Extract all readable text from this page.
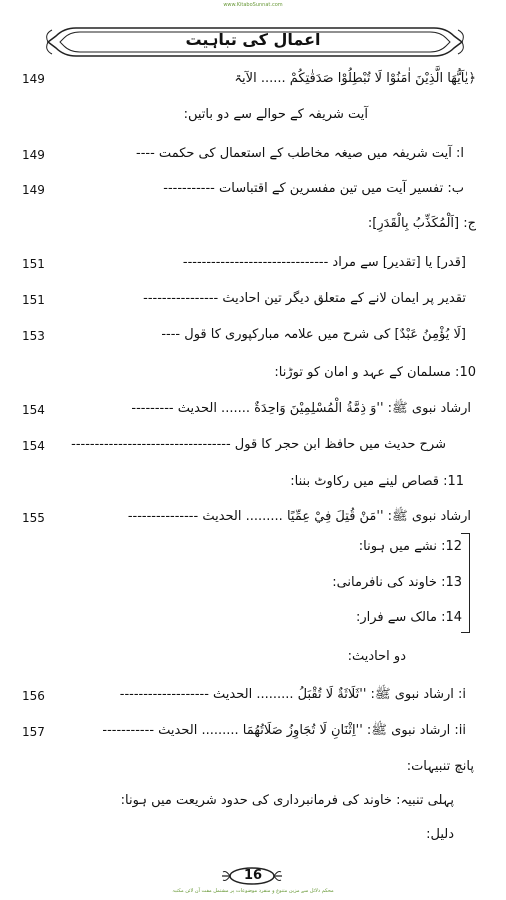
www.KitaboSunnat.com
اعمال کی تباہیت
﴿يٰاَيُّهَا الَّذِيْنَ اٰمَنُوْا لَا تُبْطِلُوْا صَدَقٰتِكُمْ ...... الآیۃ
149
آیت شریفہ کے حوالے سے دو باتیں:
ا: آیت شریفہ میں صیغہ مخاطب کے استعمال کی حکمت ----
149
ب: تفسیر آیت میں تین مفسرین کے اقتباسات -----------
149
ج: [اَلْمُكَذِّبُ بِالْقَدَرِ]:
[قدر] یا [تقدیر] سے مراد -------------------------------
151
تقدیر پر ایمان لانے کے متعلق دیگر تین احادیث ----------------
151
[لَا يُؤْمِنُ عَبْدٌ] کی شرح میں علامہ مبارکپوری کا قول ----
153
10: مسلمان کے عہد و امان کو توڑنا:
ارشاد نبوی ﷺ: ''وَ ذِمَّةُ الْمُسْلِمِيْنَ وَاحِدَةٌ ....... الحدیث ---------
154
شرح حدیث میں حافظ ابن حجر کا قول ----------------------------------
154
11: قصاص لینے میں رکاوٹ بننا:
ارشاد نبوی ﷺ: ''مَنْ قُتِلَ فِيْ عِمِّيًا ......... الحدیث ---------------
155
12: نشے میں ہونا:
13: خاوند کی نافرمانی:
14: مالک سے فرار:
دو احادیث:
i: ارشاد نبوی ﷺ: ''ثَلَاثَةٌ لَا تُقْبَلُ ......... الحدیث -------------------
156
ii: ارشاد نبوی ﷺ: ''اِثْنَانِ لَا تُجَاوِزُ صَلَاتُهُمَا ......... الحدیث -----------
157
پانچ تنبیہات:
پہلی تنبیہ: خاوند کی فرمانبرداری کی حدود شریعت میں ہونا:
دلیل:
16
محکم دلائل سے مزین متنوع و منفرد موضوعات پر مشتمل مفت آن لائن مکتبہ
